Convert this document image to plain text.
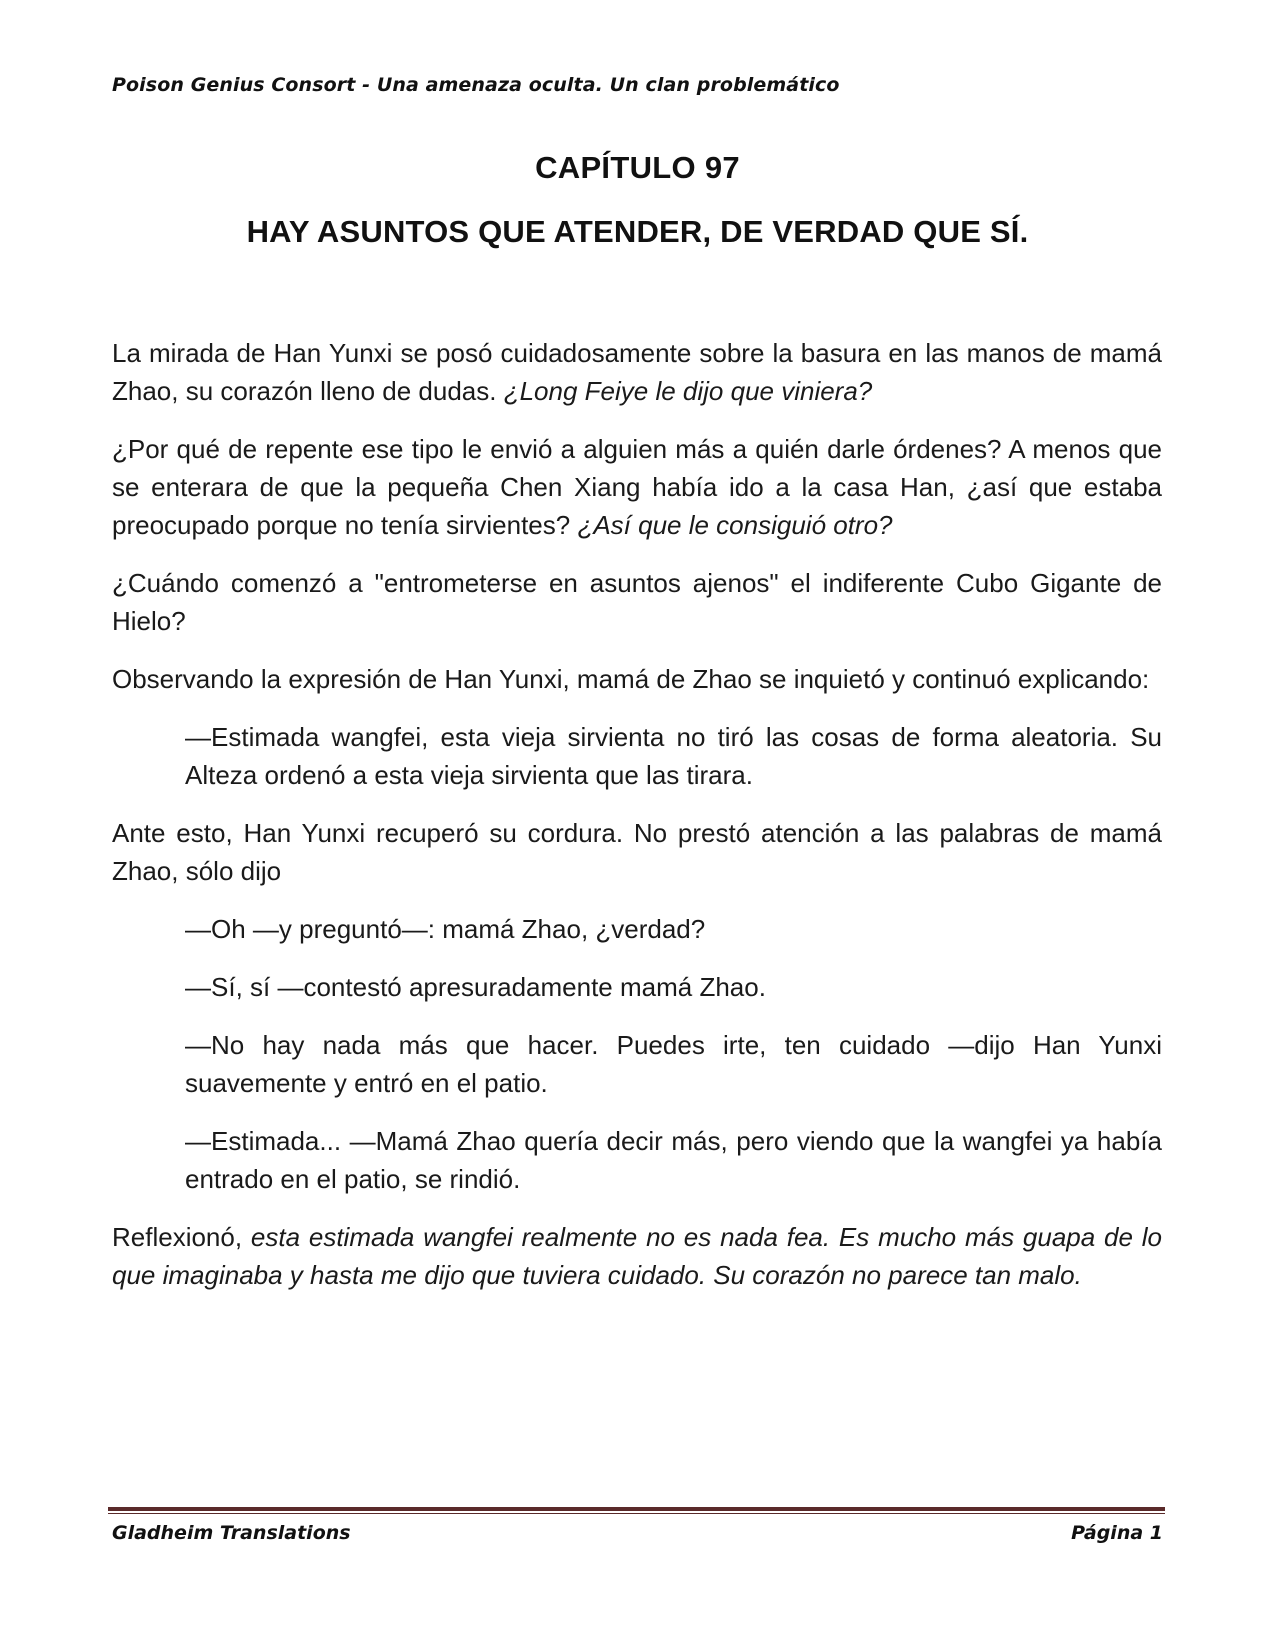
Poison Genius Consort - Una amenaza oculta. Un clan problemático
CAPÍTULO 97
HAY ASUNTOS QUE ATENDER, DE VERDAD QUE SÍ.

La mirada de Han Yunxi se posó cuidadosamente sobre la basura en las manos de mamá Zhao, su corazón lleno de dudas. ¿Long Feiye le dijo que viniera?

¿Por qué de repente ese tipo le envió a alguien más a quién darle órdenes? A menos que se enterara de que la pequeña Chen Xiang había ido a la casa Han, ¿así que estaba preocupado porque no tenía sirvientes? ¿Así que le consiguió otro?

¿Cuándo comenzó a "entrometerse en asuntos ajenos" el indiferente Cubo Gigante de Hielo?

Observando la expresión de Han Yunxi, mamá de Zhao se inquietó y continuó explicando:

—Estimada wangfei, esta vieja sirvienta no tiró las cosas de forma aleatoria. Su Alteza ordenó a esta vieja sirvienta que las tirara.

Ante esto, Han Yunxi recuperó su cordura. No prestó atención a las palabras de mamá Zhao, sólo dijo

—Oh —y preguntó—: mamá Zhao, ¿verdad?

—Sí, sí —contestó apresuradamente mamá Zhao.

—No hay nada más que hacer. Puedes irte, ten cuidado —dijo Han Yunxi suavemente y entró en el patio.

—Estimada... —Mamá Zhao quería decir más, pero viendo que la wangfei ya había entrado en el patio, se rindió.

Reflexionó, esta estimada wangfei realmente no es nada fea. Es mucho más guapa de lo que imaginaba y hasta me dijo que tuviera cuidado. Su corazón no parece tan malo.

Gladheim Translations	Página 1
